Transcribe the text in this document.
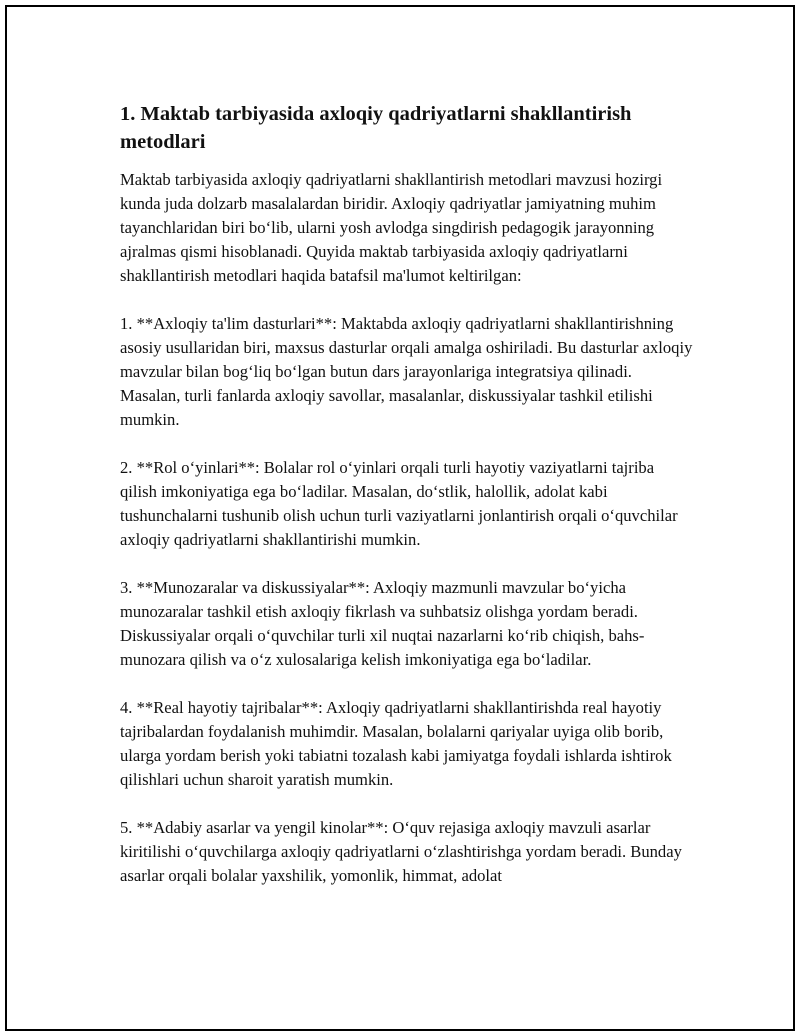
1. Maktab tarbiyasida axloqiy qadriyatlarni shakllantirish metodlari

Maktab tarbiyasida axloqiy qadriyatlarni shakllantirish metodlari mavzusi hozirgi kunda juda dolzarb masalalardan biridir. Axloqiy qadriyatlar jamiyatning muhim tayanchlaridan biri bo‘lib, ularni yosh avlodga singdirish pedagogik jarayonning ajralmas qismi hisoblanadi. Quyida maktab tarbiyasida axloqiy qadriyatlarni shakllantirish metodlari haqida batafsil ma'lumot keltirilgan:

1. **Axloqiy ta'lim dasturlari**: Maktabda axloqiy qadriyatlarni shakllantirishning asosiy usullaridan biri, maxsus dasturlar orqali amalga oshiriladi. Bu dasturlar axloqiy mavzular bilan bog‘liq bo‘lgan butun dars jarayonlariga integratsiya qilinadi. Masalan, turli fanlarda axloqiy savollar, masalanlar, diskussiyalar tashkil etilishi mumkin.

2. **Rol o‘yinlari**: Bolalar rol o‘yinlari orqali turli hayotiy vaziyatlarni tajriba qilish imkoniyatiga ega bo‘ladilar. Masalan, do‘stlik, halollik, adolat kabi tushunchalarni tushunib olish uchun turli vaziyatlarni jonlantirish orqali o‘quvchilar axloqiy qadriyatlarni shakllantirishi mumkin.

3. **Munozaralar va diskussiyalar**: Axloqiy mazmunli mavzular bo‘yicha munozaralar tashkil etish axloqiy fikrlash va suhbatsiz olishga yordam beradi. Diskussiyalar orqali o‘quvchilar turli xil nuqtai nazarlarni ko‘rib chiqish, bahs-munozara qilish va o‘z xulosalariga kelish imkoniyatiga ega bo‘ladilar.

4. **Real hayotiy tajribalar**: Axloqiy qadriyatlarni shakllantirishda real hayotiy tajribalardan foydalanish muhimdir. Masalan, bolalarni qariyalar uyiga olib borib, ularga yordam berish yoki tabiatni tozalash kabi jamiyatga foydali ishlarda ishtirok qilishlari uchun sharoit yaratish mumkin.

5. **Adabiy asarlar va yengil kinolar**: O‘quv rejasiga axloqiy mavzuli asarlar kiritilishi o‘quvchilarga axloqiy qadriyatlarni o‘zlashtirishga yordam beradi. Bunday asarlar orqali bolalar yaxshilik, yomonlik, himmat, adolat
